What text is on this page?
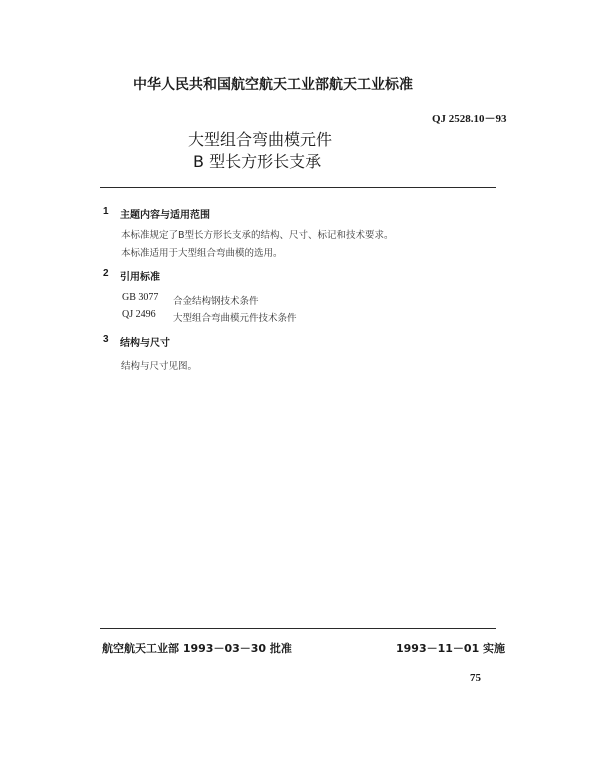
中华人民共和国航空航天工业部航天工业标准
QJ 2528.10－93
大型组合弯曲模元件
B 型长方形长支承
1 主题内容与适用范围
本标准规定了B型长方形长支承的结构、尺寸、标记和技术要求。
本标准适用于大型组合弯曲模的选用。
2 引用标准
GB 3077 合金结构钢技术条件
QJ 2496 大型组合弯曲模元件技术条件
3 结构与尺寸
结构与尺寸见图。
航空航天工业部 1993－03－30 批准	1993－11－01 实施
75
